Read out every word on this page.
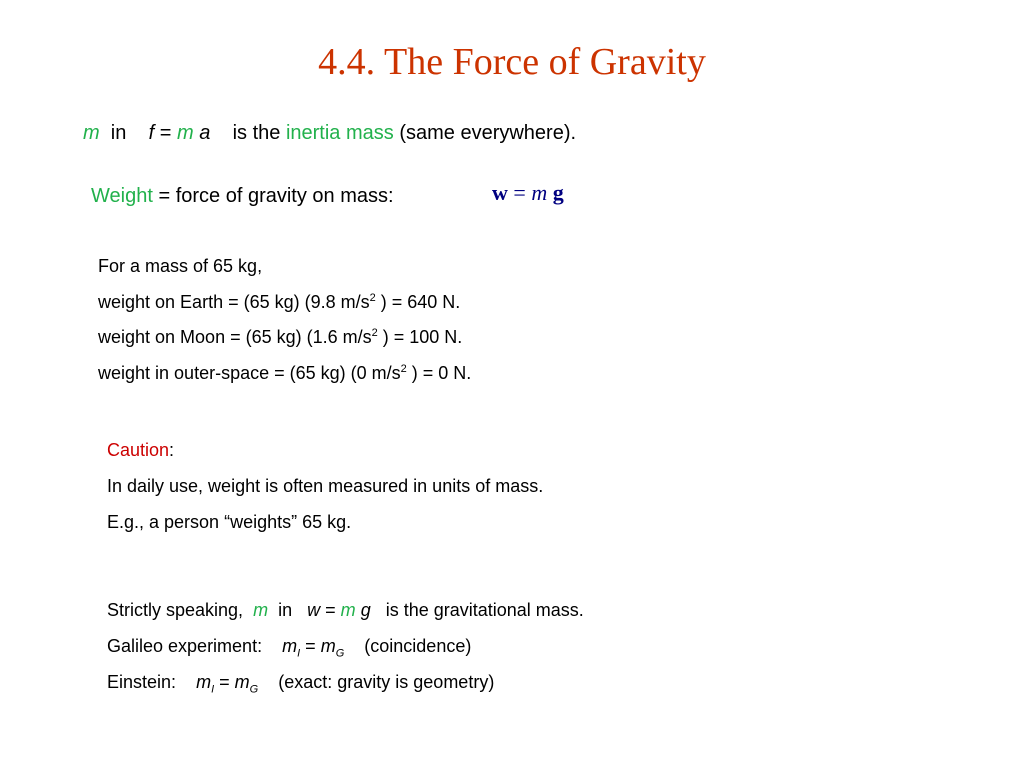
4.4. The Force of Gravity
m in f = m a is the inertia mass (same everywhere).
Weight = force of gravity on mass:	w = m g
For a mass of 65 kg,
weight on Earth = (65 kg) (9.8 $m/s^2$ ) = 640 N.
weight on Moon = (65 kg) (1.6 $m/s^2$ ) = 100 N.
weight in outer-space = (65 kg) (0 $m/s^2$ ) = 0 N.
Caution:
In daily use, weight is often measured in units of mass.
E.g., a person “weights” 65 kg.
Strictly speaking, m in w = m g is the gravitational mass.
Galileo experiment: $m_I = m_G$ (coincidence)
Einstein: $m_I = m_G$ (exact: gravity is geometry)
